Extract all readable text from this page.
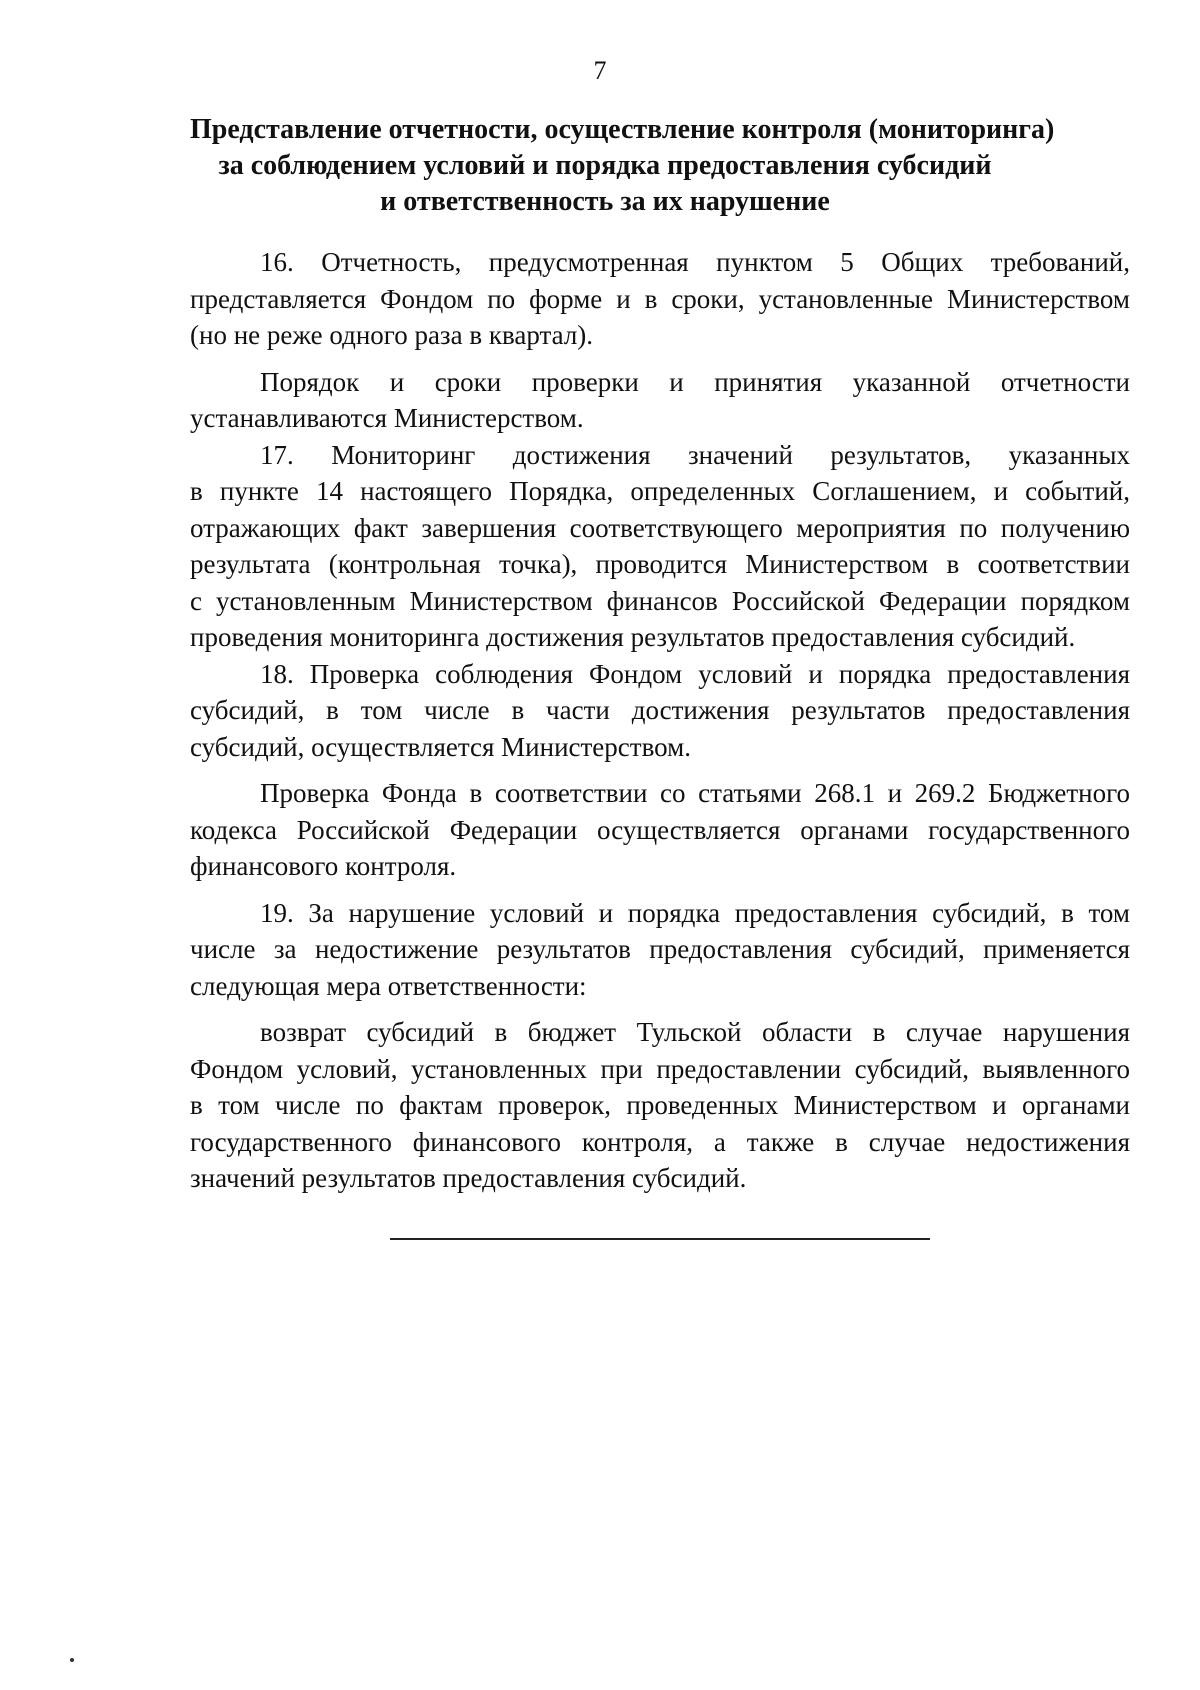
7
Представление отчетности, осуществление контроля (мониторинга)
за соблюдением условий и порядка предоставления субсидий
и ответственность за их нарушение

16. Отчетность, предусмотренная пунктом 5 Общих требований,
представляется Фондом по форме и в сроки, установленные Министерством
(но не реже одного раза в квартал).

Порядок и сроки проверки и принятия указанной отчетности
устанавливаются Министерством.

17. Мониторинг достижения значений результатов, указанных
в пункте 14 настоящего Порядка, определенных Соглашением, и событий,
отражающих факт завершения соответствующего мероприятия по получению
результата (контрольная точка), проводится Министерством в соответствии
с установленным Министерством финансов Российской Федерации порядком
проведения мониторинга достижения результатов предоставления субсидий.

18. Проверка соблюдения Фондом условий и порядка предоставления
субсидий, в том числе в части достижения результатов предоставления
субсидий, осуществляется Министерством.

Проверка Фонда в соответствии со статьями 268.1 и 269.2 Бюджетного
кодекса Российской Федерации осуществляется органами государственного
финансового контроля.

19. За нарушение условий и порядка предоставления субсидий, в том
числе за недостижение результатов предоставления субсидий, применяется
следующая мера ответственности:

возврат субсидий в бюджет Тульской области в случае нарушения
Фондом условий, установленных при предоставлении субсидий, выявленного
в том числе по фактам проверок, проведенных Министерством и органами
государственного финансового контроля, а также в случае недостижения
значений результатов предоставления субсидий.
